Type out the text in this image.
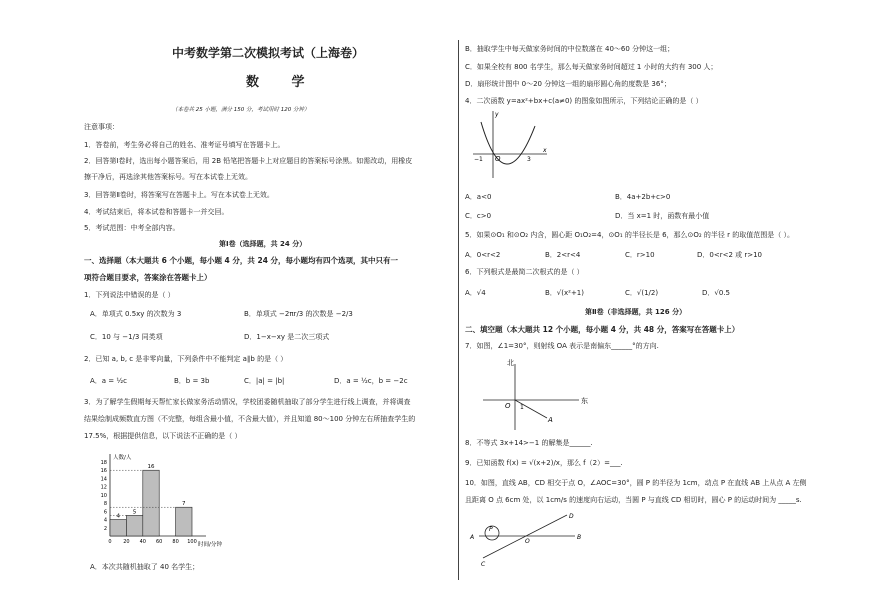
中考数学第二次模拟考试（上海卷）
数 学
（本卷共 25 小题，满分 150 分，考试用时 120 分钟）
注意事项：
1．答卷前，考生务必将自己的姓名、准考证号填写在答题卡上。
2．回答第Ⅰ卷时，选出每小题答案后，用 2B 铅笔把答题卡上对应题目的答案标号涂黑。如需改动，用橡皮
擦干净后，再选涂其他答案标号。写在本试卷上无效。
3．回答第Ⅱ卷时，将答案写在答题卡上。写在本试卷上无效。
4．考试结束后，将本试卷和答题卡一并交回。
5．考试范围：中考全部内容。
第Ⅰ卷（选择题，共 24 分）
一、选择题（本大题共 6 个小题，每小题 4 分，共 24 分，每小题均有四个选项，其中只有一
项符合题目要求，答案涂在答题卡上）
1．下列说法中错误的是（ ）
A．单项式 0.5xy 的次数为 3	B．单项式 −2πr/3 的次数是 −2/3
C．10 与 −1/3 同类项	D．1−x−xy 是二次三项式
2．已知 a, b, c 是非零向量，下列条件中不能判定 a∥b 的是（ ）
A．a = ½c	B．b = 3b	C．|a| = |b|	D．a = ½c，b = −2c
3．为了解学生假期每天帮忙家长做家务活动情况，学校团委随机抽取了部分学生进行线上调查，并将调查
结果绘制成频数直方图（不完整，每组含最小值，不含最大值），并且知道 80～100 分钟左右所抽查学生的
17.5%，根据提供信息，以下说法不正确的是（ ）
2
4
6
8
10
12
14
16
18
0 20 40 60 80 100
4
5
16
7
人数/人
时间/分钟
A．本次共随机抽取了 40 名学生；
B．抽取学生中每天做家务时间的中位数落在 40～60 分钟这一组；
C．如果全校有 800 名学生，那么每天做家务时间超过 1 小时的大约有 300 人；
D．扇形统计图中 0～20 分钟这一组的扇形圆心角的度数是 36°；
4．二次函数 y=ax²+bx+c(a≠0) 的图象如图所示，下列结论正确的是（ ）
x
y
O
−1	3
A．a<0	B．4a+2b+c>0
C．c>0	D．当 x=1 时，函数有最小值
5．如果⊙O₁ 和⊙O₂ 内含，圆心距 O₁O₂=4，⊙O₁ 的半径长是 6，那么⊙O₂ 的半径 r 的取值范围是（ ）。
A．0<r<2	B．2<r<4	C．r>10	D．0<r<2 或 r>10
6．下列根式是最简二次根式的是（ ）
A．√4	B．√(x²+1)	C．√(1/2)	D．√0.5
第Ⅱ卷（非选择题，共 126 分）
二、填空题（本大题共 12 个小题，每小题 4 分，共 48 分，答案写在答题卡上）
7．如图，∠1=30°，则射线 OA 表示是南偏东______°的方向.
北
东
O 1
A
8．不等式 3x+14>−1 的解集是______.
9．已知函数 f(x) = √(x+2)/x，那么 f（2）=___.
10．如图，直线 AB，CD 相交于点 O，∠AOC=30°，圆 P 的半径为 1cm，动点 P 在直线 AB 上从点 A 左侧
且距离 O 点 6cm 处，以 1cm/s 的速度向右运动，当圆 P 与直线 CD 相切时，圆心 P 的运动时间为 _____s.
A	B
C
D
O
P
